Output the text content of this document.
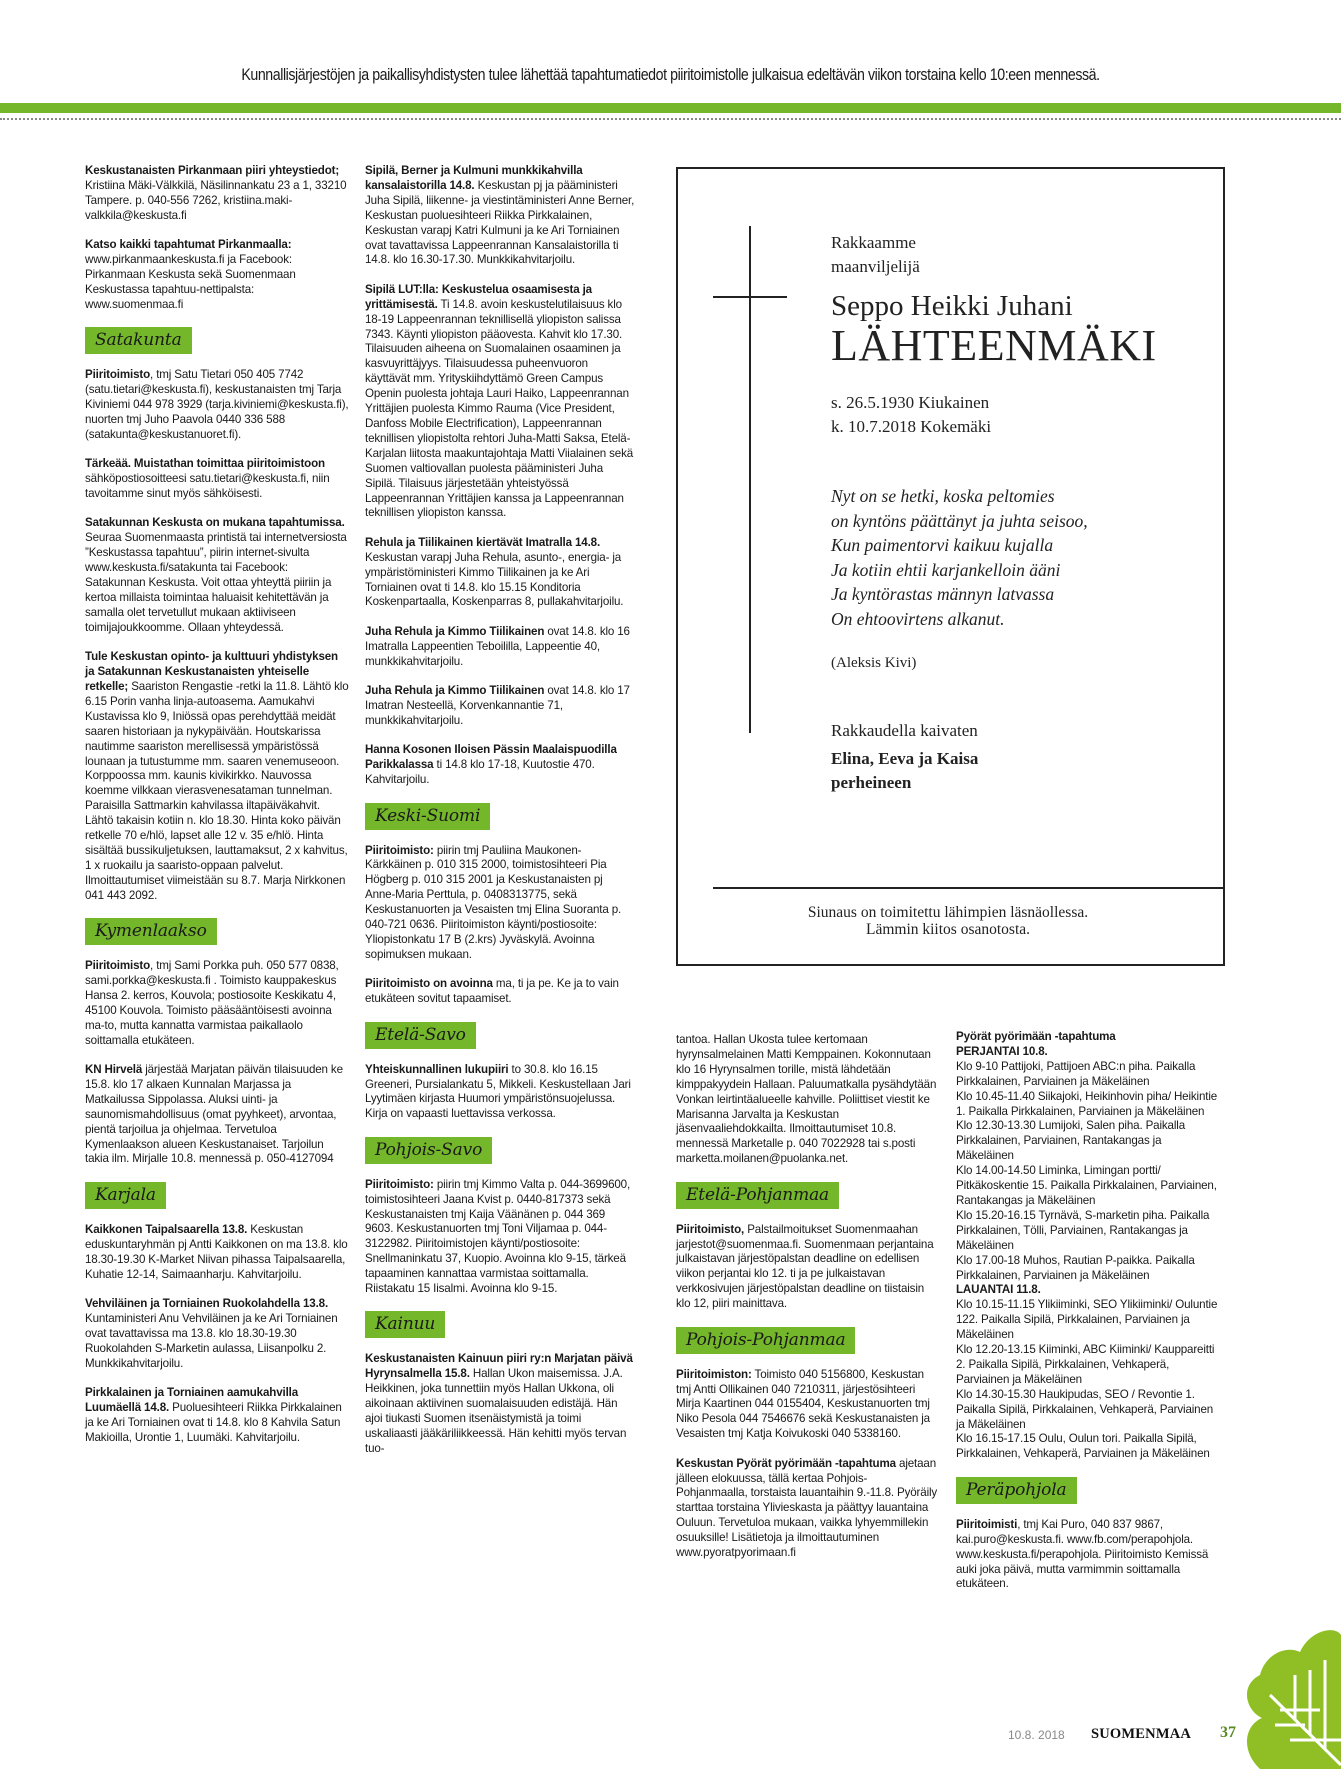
Kunnallisjärjestöjen ja paikallisyhdistysten tulee lähettää tapahtumatiedot piiritoimistolle julkaisua edeltävän viikon torstaina kello 10:een mennessä.

Keskustanaisten Pirkanmaan piiri yhteystiedot; Kristiina Mäki-Välkkilä, Näsilinnankatu 23 a 1, 33210 Tampere. p. 040-556 7262, kristiina.maki-valkkila@keskusta.fi

Katso kaikki tapahtumat Pirkanmaalla: www.pirkanmaankeskusta.fi ja Facebook: Pirkanmaan Keskusta sekä Suomenmaan Keskustassa tapahtuu-nettipalsta: www.suomenmaa.fi

Satakunta

Piiritoimisto, tmj Satu Tietari 050 405 7742 (satu.tietari@keskusta.fi), keskustanaisten tmj Tarja Kiviniemi 044 978 3929 (tarja.kiviniemi@keskusta.fi), nuorten tmj Juho Paavola 0440 336 588 (satakunta@keskustanuoret.fi).

Tärkeää. Muistathan toimittaa piiritoimistoon sähköpostiosoitteesi satu.tietari@keskusta.fi, niin tavoitamme sinut myös sähköisesti.

Satakunnan Keskusta on mukana tapahtumissa. Seuraa Suomenmaasta printistä tai internetversiosta ”Keskustassa tapahtuu”, piirin internet-sivulta www.keskusta.fi/satakunta tai Facebook: Satakunnan Keskusta. Voit ottaa yhteyttä piiriin ja kertoa millaista toimintaa haluaisit kehitettävän ja samalla olet tervetullut mukaan aktiiviseen toimijajoukkoomme. Ollaan yhteydessä.

Tule Keskustan opinto- ja kulttuuri yhdistyksen ja Satakunnan Keskustanaisten yhteiselle retkelle; Saariston Rengastie -retki la 11.8. Lähtö klo 6.15 Porin vanha linja-autoasema. Aamukahvi Kustavissa klo 9, Iniössä opas perehdyttää meidät saaren historiaan ja nykypäivään. Houtskarissa nautimme saariston merellisessä ympäristössä lounaan ja tutustumme mm. saaren venemuseoon. Korppoossa mm. kaunis kivikirkko. Nauvossa koemme vilkkaan vierasvenesataman tunnelman. Paraisilla Sattmarkin kahvilassa iltapäiväkahvit. Lähtö takaisin kotiin n. klo 18.30. Hinta koko päivän retkelle 70 e/hlö, lapset alle 12 v. 35 e/hlö. Hinta sisältää bussikuljetuksen, lauttamaksut, 2 x kahvitus, 1 x ruokailu ja saaristo-oppaan palvelut. Ilmoittautumiset viimeistään su 8.7. Marja Nirkkonen 041 443 2092.

Kymenlaakso

Piiritoimisto, tmj Sami Porkka puh. 050 577 0838, sami.porkka@keskusta.fi . Toimisto kauppakeskus Hansa 2. kerros, Kouvola; postiosoite Keskikatu 4, 45100 Kouvola. Toimisto pääsääntöisesti avoinna ma-to, mutta kannatta varmistaa paikallaolo soittamalla etukäteen.

KN Hirvelä järjestää Marjatan päivän tilaisuuden ke 15.8. klo 17 alkaen Kunnalan Marjassa ja Matkailussa Sippolassa. Aluksi uinti- ja saunomismahdollisuus (omat pyyhkeet), arvontaa, pientä tarjoilua ja ohjelmaa. Tervetuloa Kymenlaakson alueen Keskustanaiset. Tarjoilun takia ilm. Mirjalle 10.8. mennessä p. 050-4127094

Karjala

Kaikkonen Taipalsaarella 13.8. Keskustan eduskuntaryhmän pj Antti Kaikkonen on ma 13.8. klo 18.30-19.30 K-Market Niivan pihassa Taipalsaarella, Kuhatie 12-14, Saimaanharju. Kahvitarjoilu.

Vehviläinen ja Torniainen Ruokolahdella 13.8. Kuntaministeri Anu Vehviläinen ja ke Ari Torniainen ovat tavattavissa ma 13.8. klo 18.30-19.30 Ruokolahden S-Marketin aulassa, Liisanpolku 2. Munkkikahvitarjoilu.

Pirkkalainen ja Torniainen aamukahvilla Luumäellä 14.8. Puoluesihteeri Riikka Pirkkalainen ja ke Ari Torniainen ovat ti 14.8. klo 8 Kahvila Satun Makioilla, Urontie 1, Luumäki. Kahvitarjoilu.

Sipilä, Berner ja Kulmuni munkkikahvilla kansalaistorilla 14.8. Keskustan pj ja pääministeri Juha Sipilä, liikenne- ja viestintäministeri Anne Berner, Keskustan puoluesihteeri Riikka Pirkkalainen, Keskustan varapj Katri Kulmuni ja ke Ari Torniainen ovat tavattavissa Lappeenrannan Kansalaistorilla ti 14.8. klo 16.30-17.30. Munkkikahvitarjoilu.

Sipilä LUT:lla: Keskustelua osaamisesta ja yrittämisestä. Ti 14.8. avoin keskustelutilaisuus klo 18-19 Lappeenrannan teknillisellä yliopiston salissa 7343. Käynti yliopiston pääovesta. Kahvit klo 17.30. Tilaisuuden aiheena on Suomalainen osaaminen ja kasvuyrittäjyys. Tilaisuudessa puheenvuoron käyttävät mm. Yrityskiihdyttämö Green Campus Openin puolesta johtaja Lauri Haiko, Lappeenrannan Yrittäjien puolesta Kimmo Rauma (Vice President, Danfoss Mobile Electrification), Lappeenrannan teknillisen yliopistolta rehtori Juha-Matti Saksa, Etelä-Karjalan liitosta maakuntajohtaja Matti Viialainen sekä Suomen valtiovallan puolesta pääministeri Juha Sipilä. Tilaisuus järjestetään yhteistyössä Lappeenrannan Yrittäjien kanssa ja Lappeenrannan teknillisen yliopiston kanssa.

Rehula ja Tiilikainen kiertävät Imatralla 14.8. Keskustan varapj Juha Rehula, asunto-, energia- ja ympäristöministeri Kimmo Tiilikainen ja ke Ari Torniainen ovat ti 14.8. klo 15.15 Konditoria Koskenpartaalla, Koskenparras 8, pullakahvitarjoilu.

Juha Rehula ja Kimmo Tiilikainen ovat 14.8. klo 16 Imatralla Lappeentien Teboililla, Lappeentie 40, munkkikahvitarjoilu.

Juha Rehula ja Kimmo Tiilikainen ovat 14.8. klo 17 Imatran Nesteellä, Korvenkannantie 71, munkkikahvitarjoilu.

Hanna Kosonen Iloisen Pässin Maalaispuodilla Parikkalassa ti 14.8 klo 17-18, Kuutostie 470. Kahvitarjoilu.

Keski-Suomi

Piiritoimisto: piirin tmj Pauliina Maukonen-Kärkkäinen p. 010 315 2000, toimistosihteeri Pia Högberg p. 010 315 2001 ja Keskustanaisten pj Anne-Maria Perttula, p. 0408313775, sekä Keskustanuorten ja Vesaisten tmj Elina Suoranta p. 040-721 0636. Piiritoimiston käynti/postiosoite: Yliopistonkatu 17 B (2.krs) Jyväskylä. Avoinna sopimuksen mukaan.

Piiritoimisto on avoinna ma, ti ja pe. Ke ja to vain etukäteen sovitut tapaamiset.

Etelä-Savo

Yhteiskunnallinen lukupiiri to 30.8. klo 16.15 Greeneri, Pursialankatu 5, Mikkeli. Keskustellaan Jari Lyytimäen kirjasta Huumori ympäristönsuojelussa. Kirja on vapaasti luettavissa verkossa.

Pohjois-Savo

Piiritoimisto: piirin tmj Kimmo Valta p. 044-3699600, toimistosihteeri Jaana Kvist p. 0440-817373 sekä Keskustanaisten tmj Kaija Väänänen p. 044 369 9603. Keskustanuorten tmj Toni Viljamaa p. 044-3122982. Piiritoimistojen käynti/postiosoite: Snellmaninkatu 37, Kuopio. Avoinna klo 9-15, tärkeä tapaaminen kannattaa varmistaa soittamalla. Riistakatu 15 Iisalmi. Avoinna klo 9-15.

Kainuu

Keskustanaisten Kainuun piiri ry:n Marjatan päivä Hyrynsalmella 15.8. Hallan Ukon maisemissa. J.A. Heikkinen, joka tunnettiin myös Hallan Ukkona, oli aikoinaan aktiivinen suomalaisuuden edistäjä. Hän ajoi tiukasti Suomen itsenäistymistä ja toimi uskaliaasti jääkäriliikkeessä. Hän kehitti myös tervan tuo-

Rakkaamme
maanviljelijä
Seppo Heikki Juhani
LÄHTEENMÄKI
s. 26.5.1930 Kiukainen
k. 10.7.2018 Kokemäki
Nyt on se hetki, koska peltomies
on kyntöns päättänyt ja juhta seisoo,
Kun paimentorvi kaikuu kujalla
Ja kotiin ehtii karjankelloin ääni
Ja kyntörastas männyn latvassa
On ehtoovirtens alkanut.
(Aleksis Kivi)
Rakkaudella kaivaten
Elina, Eeva ja Kaisa
perheineen
Siunaus on toimitettu lähimpien läsnäollessa.
Lämmin kiitos osanotosta.

tantoa. Hallan Ukosta tulee kertomaan hyrynsalmelainen Matti Kemppainen. Kokonnutaan klo 16 Hyrynsalmen torille, mistä lähdetään kimppakyydein Hallaan. Paluumatkalla pysähdytään Vonkan leirtintäalueelle kahville. Poliittiset viestit ke Marisanna Jarvalta ja Keskustan jäsenvaaliehdokkailta. Ilmoittautumiset 10.8. mennessä Marketalle p. 040 7022928 tai s.posti marketta.moilanen@puolanka.net.

Etelä-Pohjanmaa

Piiritoimisto, Palstailmoitukset Suomenmaahan jarjestot@suomenmaa.fi. Suomenmaan perjantaina julkaistavan järjestöpalstan deadline on edellisen viikon perjantai klo 12. ti ja pe julkaistavan verkkosivujen järjestöpalstan deadline on tiistaisin klo 12, piiri mainittava.

Pohjois-Pohjanmaa

Piiritoimiston: Toimisto 040 5156800, Keskustan tmj Antti Ollikainen 040 7210311, järjestösihteeri Mirja Kaartinen 044 0155404, Keskustanuorten tmj Niko Pesola 044 7546676 sekä Keskustanaisten ja Vesaisten tmj Katja Koivukoski 040 5338160.

Keskustan Pyörät pyörimään -tapahtuma ajetaan jälleen elokuussa, tällä kertaa Pohjois-Pohjanmaalla, torstaista lauantaihin 9.-11.8. Pyöräily starttaa torstaina Ylivieskasta ja päättyy lauantaina Ouluun. Tervetuloa mukaan, vaikka lyhyemmillekin osuuksille! Lisätietoja ja ilmoittautuminen www.pyoratpyorimaan.fi

Pyörät pyörimään -tapahtuma
PERJANTAI 10.8.
Klo 9-10 Pattijoki, Pattijoen ABC:n piha. Paikalla Pirkkalainen, Parviainen ja Mäkeläinen
Klo 10.45-11.40 Siikajoki, Heikinhovin piha/ Heikintie 1. Paikalla Pirkkalainen, Parviainen ja Mäkeläinen
Klo 12.30-13.30 Lumijoki, Salen piha. Paikalla Pirkkalainen, Parviainen, Rantakangas ja Mäkeläinen
Klo 14.00-14.50 Liminka, Limingan portti/ Pitkäkoskentie 15. Paikalla Pirkkalainen, Parviainen, Rantakangas ja Mäkeläinen
Klo 15.20-16.15 Tyrnävä, S-marketin piha. Paikalla Pirkkalainen, Tölli, Parviainen, Rantakangas ja Mäkeläinen
Klo 17.00-18 Muhos, Rautian P-paikka. Paikalla Pirkkalainen, Parviainen ja Mäkeläinen
LAUANTAI 11.8.
Klo 10.15-11.15 Ylikiiminki, SEO Ylikiiminki/ Ouluntie 122. Paikalla Sipilä, Pirkkalainen, Parviainen ja Mäkeläinen
Klo 12.20-13.15 Kiiminki, ABC Kiiminki/ Kauppareitti 2. Paikalla Sipilä, Pirkkalainen, Vehkaperä, Parviainen ja Mäkeläinen
Klo 14.30-15.30 Haukipudas, SEO / Revontie 1. Paikalla Sipilä, Pirkkalainen, Vehkaperä, Parviainen ja Mäkeläinen
Klo 16.15-17.15 Oulu, Oulun tori. Paikalla Sipilä, Pirkkalainen, Vehkaperä, Parviainen ja Mäkeläinen

Peräpohjola

Piiritoimisti, tmj Kai Puro, 040 837 9867, kai.puro@keskusta.fi. www.fb.com/perapohjola. www.keskusta.fi/perapohjola. Piiritoimisto Kemissä auki joka päivä, mutta varmimmin soittamalla etukäteen.

10.8. 2018 SUOMENMAA 37
